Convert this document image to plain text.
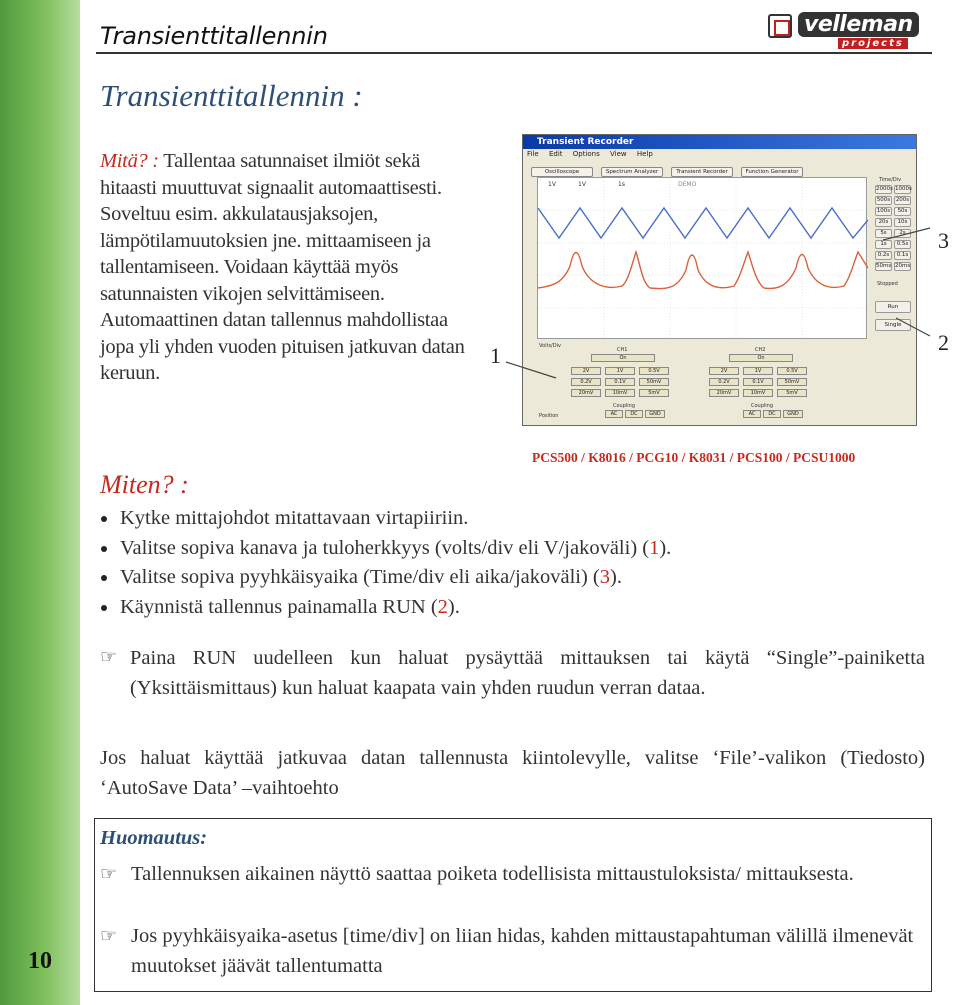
10
Transienttitallennin	velleman
projects
Transienttitallennin :
Mitä? : Tallentaa satunnaiset ilmiöt sekä hitaasti muuttuvat signaalit automaattisesti. Soveltuu esim. akkulatausjaksojen, lämpötilamuutoksien jne. mittaamiseen ja tallentamiseen. Voidaan käyttää myös satunnaisten vikojen selvittämiseen. Automaattinen datan tallennus mahdollistaa jopa yli yhden vuoden pituisen jatkuvan datan keruun.
Transient Recorder
File Edit Options View Help
Oscilloscope	Spectrum Analyzer	Transient Recorder	Function Generator
1V	1V	1s	DEMO
Time/Div
2000s 1000s
500s	200s
100s	50s
20s	10s
5s	2s
1s	0.5s
0.2s	0.1s
50ms 20ms
Stopped
Run
Single
Volts/Div
Position
CH1
On
2V	1V	0.5V
0.2V	0.1V	50mV
20mV	10mV	5mV
Coupling
AC	DC	GND
CH2
On
2V	1V	0.5V
0.2V	0.1V	50mV
20mV	10mV	5mV
Coupling
AC	DC	GND
1
2
3
PCS500 / K8016 / PCG10 / K8031 / PCS100 / PCSU1000
Miten? :
Kytke mittajohdot mitattavaan virtapiiriin.
Valitse sopiva kanava ja tuloherkkyys (volts/div eli V/jakoväli) (1).
Valitse sopiva pyyhkäisyaika (Time/div eli aika/jakoväli) (3).
Käynnistä tallennus painamalla RUN (2).
☞ Paina RUN uudelleen kun haluat pysäyttää mittauksen tai käytä “Single”-painiketta (Yksittäismittaus) kun haluat kaapata vain yhden ruudun verran dataa.
Jos haluat käyttää jatkuvaa datan tallennusta kiintolevylle, valitse ‘File’-valikon (Tiedosto) ‘AutoSave Data’ –vaihtoehto
Huomautus:
☞ Tallennuksen aikainen näyttö saattaa poiketa todellisista mittaustuloksista/ mittauksesta.
☞ Jos pyyhkäisyaika-asetus [time/div] on liian hidas, kahden mittaustapahtuman välillä ilmenevät muutokset jäävät tallentumatta
